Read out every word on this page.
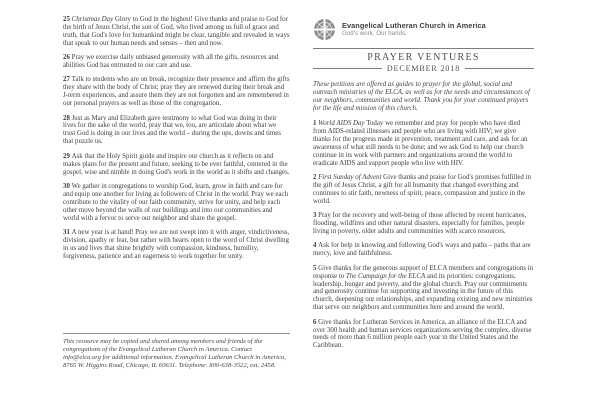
25 Christmas Day Glory to God in the highest! Give thanks and praise to God for the birth of Jesus Christ, the son of God, who lived among us full of grace and truth, that God's love for humankind might be clear, tangible and revealed in ways that speak to our human needs and senses – then and now.

26 Pray we exercise daily unbiased generosity with all the gifts, resources and abilities God has entrusted to our care and use.

27 Talk to students who are on break, recognize their presence and affirm the gifts they share with the body of Christ; pray they are renewed during their break and J-term experiences, and assure them they are not forgotten and are remembered in our personal prayers as well as those of the congregation.

28 Just as Mary and Elizabeth gave testimony to what God was doing in their lives for the sake of the world, pray that we, too, are articulate about what we trust God is doing in our lives and the world – during the ups, downs and times that puzzle us.

29 Ask that the Holy Spirit guide and inspire our church as it reflects on and makes plans for the present and future, seeking to be ever faithful, centered in the gospel, wise and nimble in doing God's work in the world as it shifts and changes.

30 We gather in congregations to worship God, learn, grow in faith and care for and equip one another for living as followers of Christ in the world. Pray we each contribute to the vitality of our faith community, strive for unity, and help each other move beyond the walls of our buildings and into our communities and world with a fervor to serve our neighbor and share the gospel.

31 A new year is at hand! Pray we are not swept into it with anger, vindictiveness, division, apathy or fear, but rather with hearts open to the word of Christ dwelling in us and lives that shine brightly with compassion, kindness, humility, forgiveness, patience and an eagerness to work together for unity.

This resource may be copied and shared among members and friends of the congregations of the Evangelical Lutheran Church in America. Contact info@elca.org for additional information. Evangelical Lutheran Church in America, 8765 W. Higgins Road, Chicago, IL 60631. Telephone: 800-638-3522, ext. 2458.

Evangelical Lutheran Church in America
God's work. Our hands.
PRAYER VENTURES
DECEMBER 2018

These petitions are offered as guides to prayer for the global, social and outreach ministries of the ELCA, as well as for the needs and circumstances of our neighbors, communities and world. Thank you for your continued prayers for the life and mission of this church.

1 World AIDS Day Today we remember and pray for people who have died from AIDS-related illnesses and people who are living with HIV; we give thanks for the progress made in prevention, treatment and care, and ask for an awareness of what still needs to be done; and we ask God to help our church continue in its work with partners and organizations around the world to eradicate AIDS and support people who live with HIV.

2 First Sunday of Advent Give thanks and praise for God's promises fulfilled in the gift of Jesus Christ, a gift for all humanity that changed everything and continues to stir faith, newness of spirit, peace, compassion and justice in the world.

3 Pray for the recovery and well-being of those affected by recent hurricanes, flooding, wildfires and other natural disasters, especially for families, people living in poverty, older adults and communities with scarce resources.

4 Ask for help in knowing and following God's ways and paths – paths that are mercy, love and faithfulness.

5 Give thanks for the generous support of ELCA members and congregations in response to The Campaign for the ELCA and its priorities: congregations, leadership, hunger and poverty, and the global church. Pray our commitments and generosity continue for supporting and investing in the future of this church, deepening our relationships, and expanding existing and new ministries that serve our neighbors and communities here and around the world.

6 Give thanks for Lutheran Services in America, an alliance of the ELCA and over 300 health and human services organizations serving the complex, diverse needs of more than 6 million people each year in the United States and the Caribbean.
